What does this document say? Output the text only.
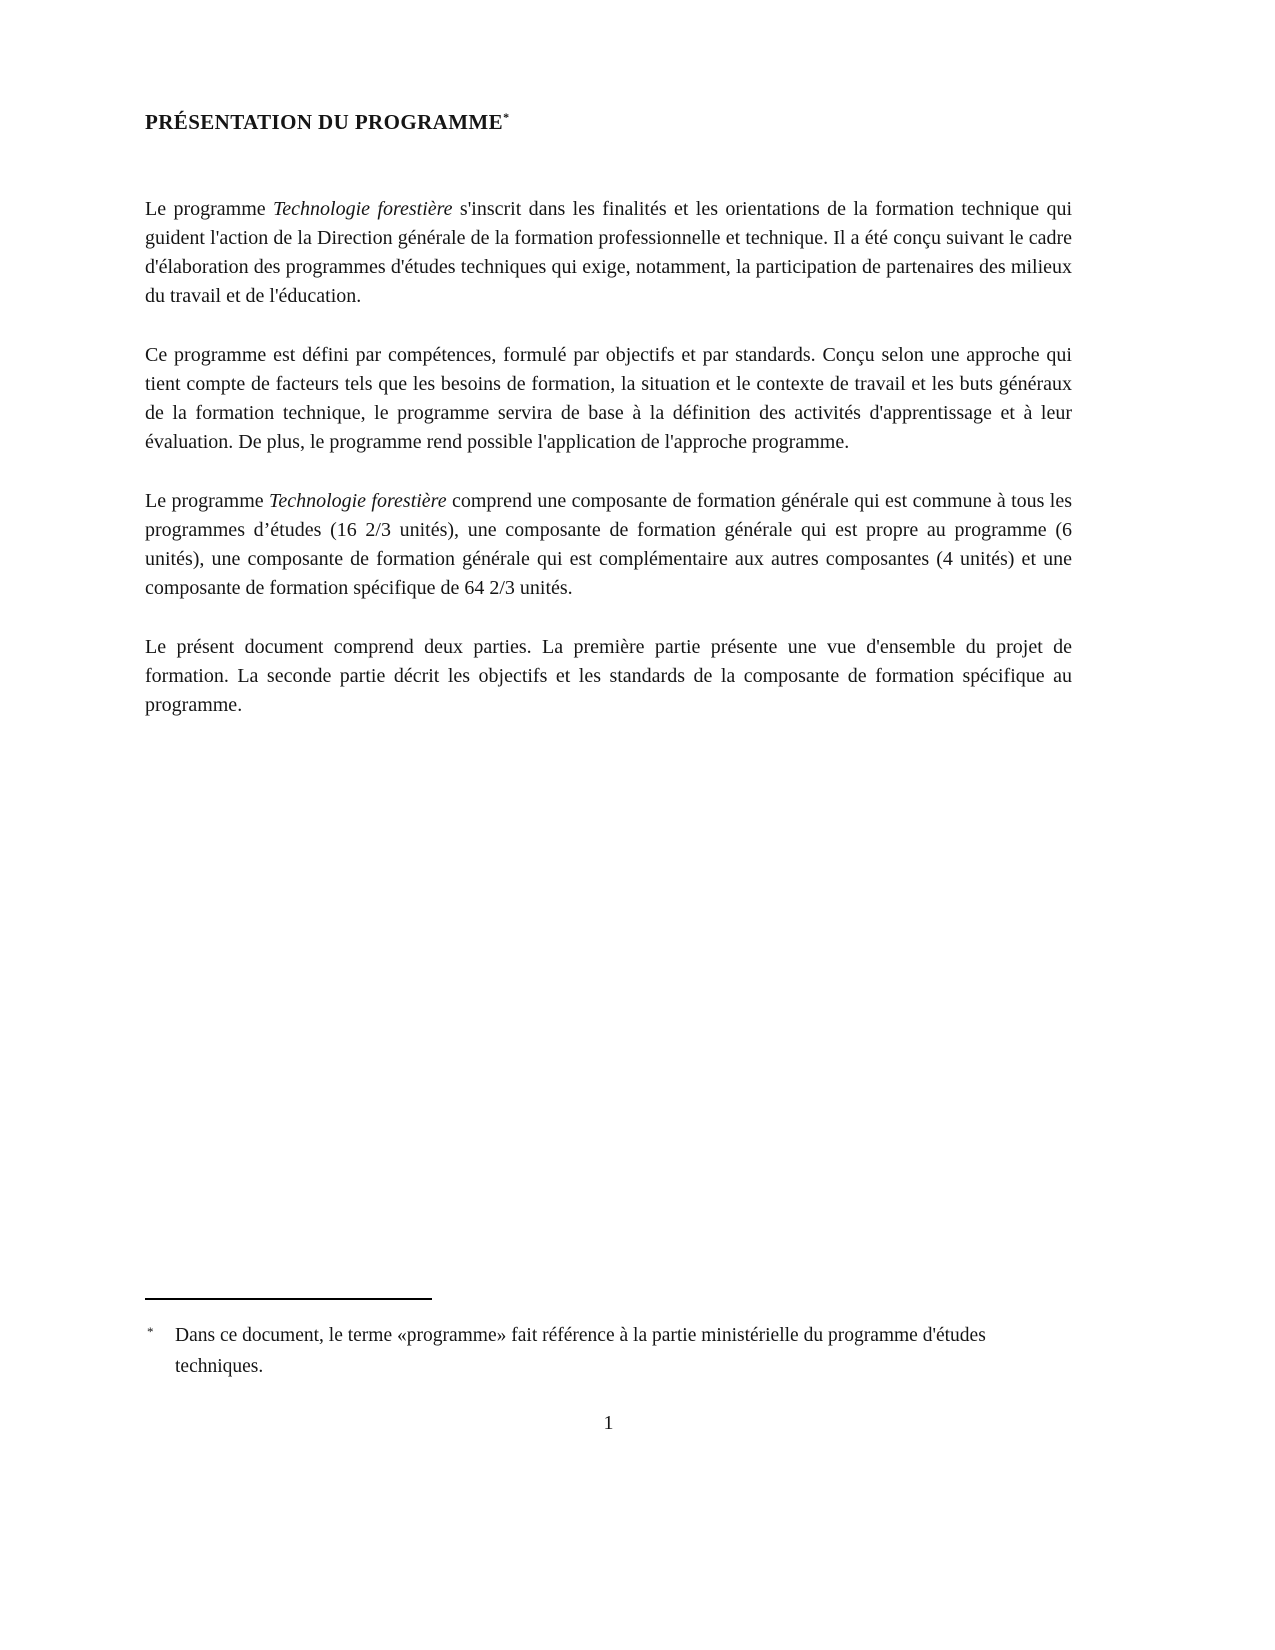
PRÉSENTATION DU PROGRAMME*

Le programme Technologie forestière s'inscrit dans les finalités et les orientations de la formation technique qui guident l'action de la Direction générale de la formation professionnelle et technique. Il a été conçu suivant le cadre d'élaboration des programmes d'études techniques qui exige, notamment, la participation de partenaires des milieux du travail et de l'éducation.

Ce programme est défini par compétences, formulé par objectifs et par standards. Conçu selon une approche qui tient compte de facteurs tels que les besoins de formation, la situation et le contexte de travail et les buts généraux de la formation technique, le programme servira de base à la définition des activités d'apprentissage et à leur évaluation. De plus, le programme rend possible l'application de l'approche programme.

Le programme Technologie forestière comprend une composante de formation générale qui est commune à tous les programmes d’études (16 2/3 unités), une composante de formation générale qui est propre au programme (6 unités), une composante de formation générale qui est complémentaire aux autres composantes (4 unités) et une composante de formation spécifique de 64 2/3 unités.

Le présent document comprend deux parties. La première partie présente une vue d'ensemble du projet de formation. La seconde partie décrit les objectifs et les standards de la composante de formation spécifique au programme.

* Dans ce document, le terme «programme» fait référence à la partie ministérielle du programme d'études techniques.
1
